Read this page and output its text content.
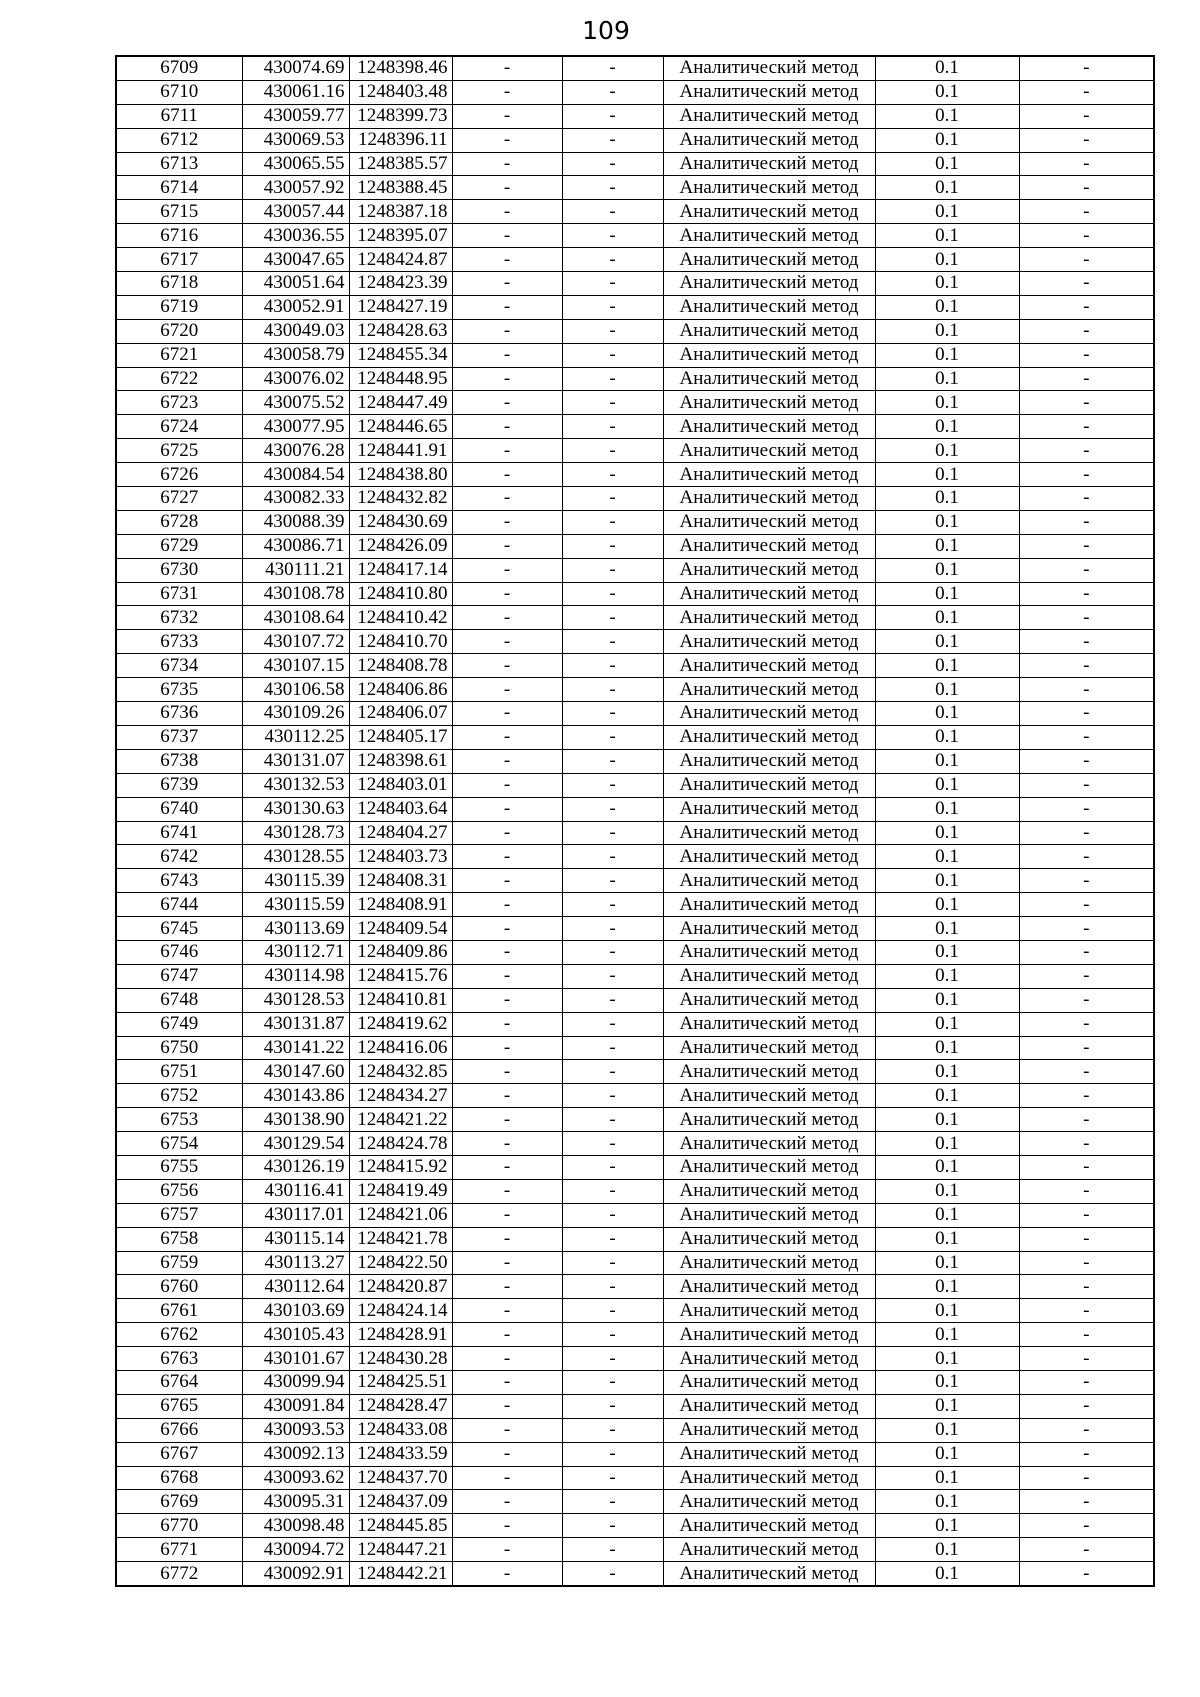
109
6709	430074.69	1248398.46	-	-	Аналитический метод	0.1	-
6710	430061.16	1248403.48	-	-	Аналитический метод	0.1	-
6711	430059.77	1248399.73	-	-	Аналитический метод	0.1	-
6712	430069.53	1248396.11	-	-	Аналитический метод	0.1	-
6713	430065.55	1248385.57	-	-	Аналитический метод	0.1	-
6714	430057.92	1248388.45	-	-	Аналитический метод	0.1	-
6715	430057.44	1248387.18	-	-	Аналитический метод	0.1	-
6716	430036.55	1248395.07	-	-	Аналитический метод	0.1	-
6717	430047.65	1248424.87	-	-	Аналитический метод	0.1	-
6718	430051.64	1248423.39	-	-	Аналитический метод	0.1	-
6719	430052.91	1248427.19	-	-	Аналитический метод	0.1	-
6720	430049.03	1248428.63	-	-	Аналитический метод	0.1	-
6721	430058.79	1248455.34	-	-	Аналитический метод	0.1	-
6722	430076.02	1248448.95	-	-	Аналитический метод	0.1	-
6723	430075.52	1248447.49	-	-	Аналитический метод	0.1	-
6724	430077.95	1248446.65	-	-	Аналитический метод	0.1	-
6725	430076.28	1248441.91	-	-	Аналитический метод	0.1	-
6726	430084.54	1248438.80	-	-	Аналитический метод	0.1	-
6727	430082.33	1248432.82	-	-	Аналитический метод	0.1	-
6728	430088.39	1248430.69	-	-	Аналитический метод	0.1	-
6729	430086.71	1248426.09	-	-	Аналитический метод	0.1	-
6730	430111.21	1248417.14	-	-	Аналитический метод	0.1	-
6731	430108.78	1248410.80	-	-	Аналитический метод	0.1	-
6732	430108.64	1248410.42	-	-	Аналитический метод	0.1	-
6733	430107.72	1248410.70	-	-	Аналитический метод	0.1	-
6734	430107.15	1248408.78	-	-	Аналитический метод	0.1	-
6735	430106.58	1248406.86	-	-	Аналитический метод	0.1	-
6736	430109.26	1248406.07	-	-	Аналитический метод	0.1	-
6737	430112.25	1248405.17	-	-	Аналитический метод	0.1	-
6738	430131.07	1248398.61	-	-	Аналитический метод	0.1	-
6739	430132.53	1248403.01	-	-	Аналитический метод	0.1	-
6740	430130.63	1248403.64	-	-	Аналитический метод	0.1	-
6741	430128.73	1248404.27	-	-	Аналитический метод	0.1	-
6742	430128.55	1248403.73	-	-	Аналитический метод	0.1	-
6743	430115.39	1248408.31	-	-	Аналитический метод	0.1	-
6744	430115.59	1248408.91	-	-	Аналитический метод	0.1	-
6745	430113.69	1248409.54	-	-	Аналитический метод	0.1	-
6746	430112.71	1248409.86	-	-	Аналитический метод	0.1	-
6747	430114.98	1248415.76	-	-	Аналитический метод	0.1	-
6748	430128.53	1248410.81	-	-	Аналитический метод	0.1	-
6749	430131.87	1248419.62	-	-	Аналитический метод	0.1	-
6750	430141.22	1248416.06	-	-	Аналитический метод	0.1	-
6751	430147.60	1248432.85	-	-	Аналитический метод	0.1	-
6752	430143.86	1248434.27	-	-	Аналитический метод	0.1	-
6753	430138.90	1248421.22	-	-	Аналитический метод	0.1	-
6754	430129.54	1248424.78	-	-	Аналитический метод	0.1	-
6755	430126.19	1248415.92	-	-	Аналитический метод	0.1	-
6756	430116.41	1248419.49	-	-	Аналитический метод	0.1	-
6757	430117.01	1248421.06	-	-	Аналитический метод	0.1	-
6758	430115.14	1248421.78	-	-	Аналитический метод	0.1	-
6759	430113.27	1248422.50	-	-	Аналитический метод	0.1	-
6760	430112.64	1248420.87	-	-	Аналитический метод	0.1	-
6761	430103.69	1248424.14	-	-	Аналитический метод	0.1	-
6762	430105.43	1248428.91	-	-	Аналитический метод	0.1	-
6763	430101.67	1248430.28	-	-	Аналитический метод	0.1	-
6764	430099.94	1248425.51	-	-	Аналитический метод	0.1	-
6765	430091.84	1248428.47	-	-	Аналитический метод	0.1	-
6766	430093.53	1248433.08	-	-	Аналитический метод	0.1	-
6767	430092.13	1248433.59	-	-	Аналитический метод	0.1	-
6768	430093.62	1248437.70	-	-	Аналитический метод	0.1	-
6769	430095.31	1248437.09	-	-	Аналитический метод	0.1	-
6770	430098.48	1248445.85	-	-	Аналитический метод	0.1	-
6771	430094.72	1248447.21	-	-	Аналитический метод	0.1	-
6772	430092.91	1248442.21	-	-	Аналитический метод	0.1	-
